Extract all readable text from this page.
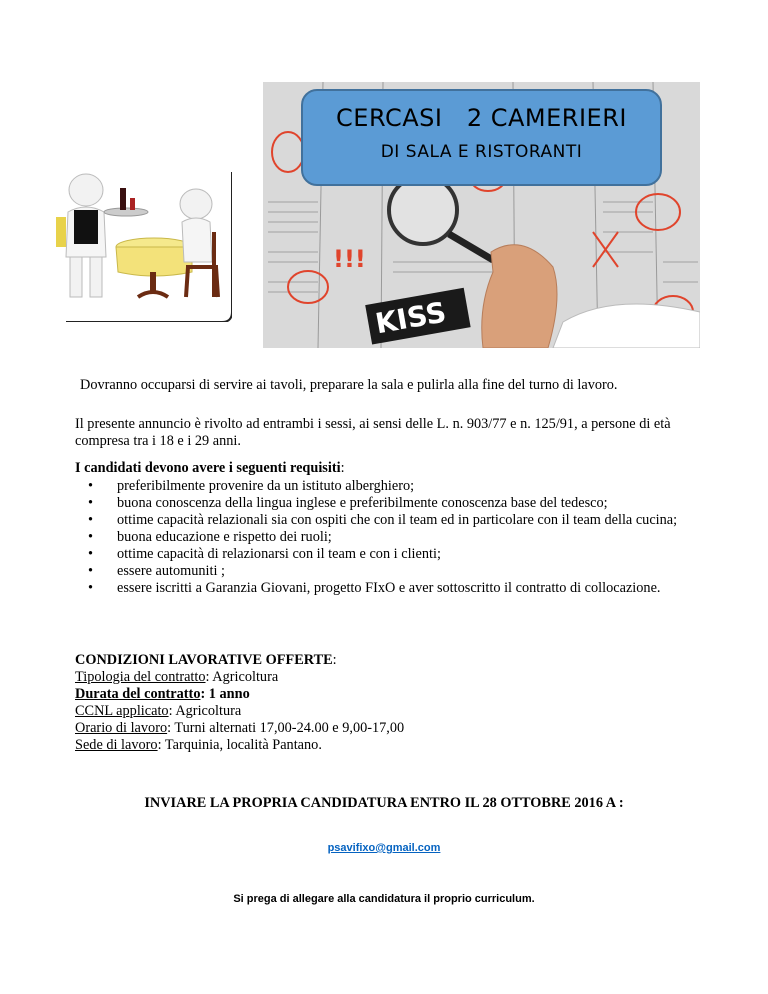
!!!
KISS
CERCASI   2 CAMERIERI
DI SALA E RISTORANTI
Dovranno occuparsi di servire ai tavoli, preparare la sala e pulirla alla fine del turno di lavoro.
Il presente annuncio è rivolto ad entrambi i sessi, ai sensi delle L. n. 903/77 e n. 125/91, a persone di età compresa tra i 18 e i 29 anni.
I candidati devono avere i seguenti requisiti:
• preferibilmente provenire da un istituto alberghiero;
• buona conoscenza della lingua inglese e preferibilmente conoscenza base del tedesco;
• ottime capacità relazionali sia con ospiti che con il team ed in particolare con il team della cucina;
• buona educazione e rispetto dei ruoli;
• ottime capacità di relazionarsi con il team e con i clienti;
• essere automuniti ;
• essere iscritti a Garanzia Giovani, progetto FIxO e aver sottoscritto il contratto di collocazione.
CONDIZIONI LAVORATIVE OFFERTE:
Tipologia del contratto: Agricoltura
Durata del contratto: 1 anno
CCNL applicato: Agricoltura
Orario di lavoro: Turni alternati 17,00-24.00 e 9,00-17,00
Sede di lavoro: Tarquinia, località Pantano.
INVIARE LA PROPRIA CANDIDATURA ENTRO IL 28 OTTOBRE 2016 A :
psavifixo@gmail.com
Si prega di allegare alla candidatura il proprio curriculum.
